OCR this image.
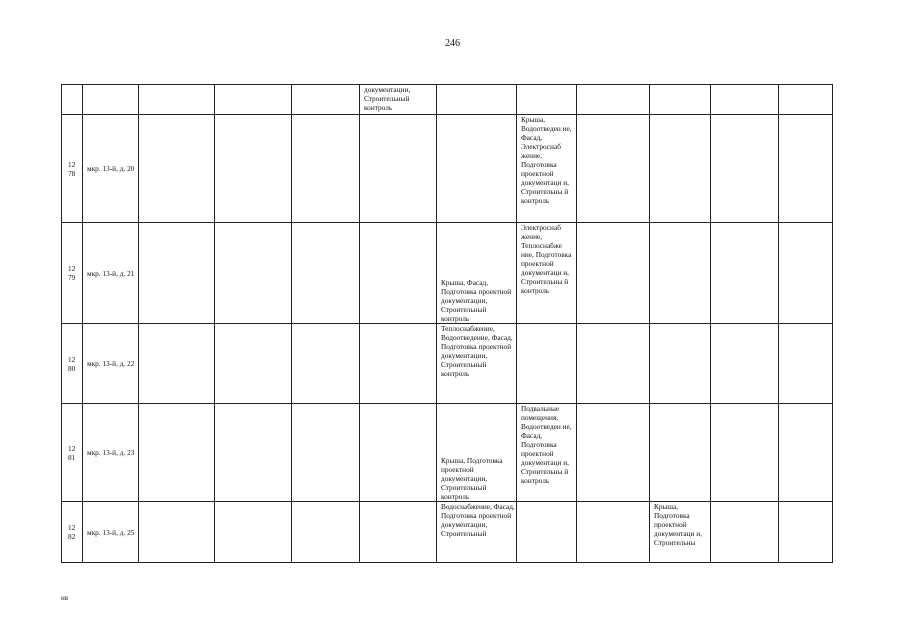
246
					документации, Строительный контроль						
12 78	мкр. 13-й, д. 20						Крыша, Водоотведен ие, Фасад, Электроснаб жение, Подготовка проектной документаци и, Строительны й контроль				
12 79	мкр. 13-й, д. 21					Крыша, Фасад, Подготовка проектной документации, Строительный контроль	Электроснаб жение, Теплоснабже ние, Подготовка проектной документаци и, Строительны й контроль				
12 80	мкр. 13-й, д. 22					Теплоснабжение, Водоотведение, Фасад, Подготовка проектной документации, Строительный контроль					
12 81	мкр. 13-й, д. 23					Крыша, Подготовка проектной документации, Строительный контроль	Подвальные помещения, Водоотведен ие, Фасад, Подготовка проектной документаци и, Строительны й контроль				
12 82	мкр. 13-й, д. 25					Водоснабжение, Фасад, Подготовка проектной документации, Строительный			Крыша, Подготовка проектной документаци и, Строительны		
нв
